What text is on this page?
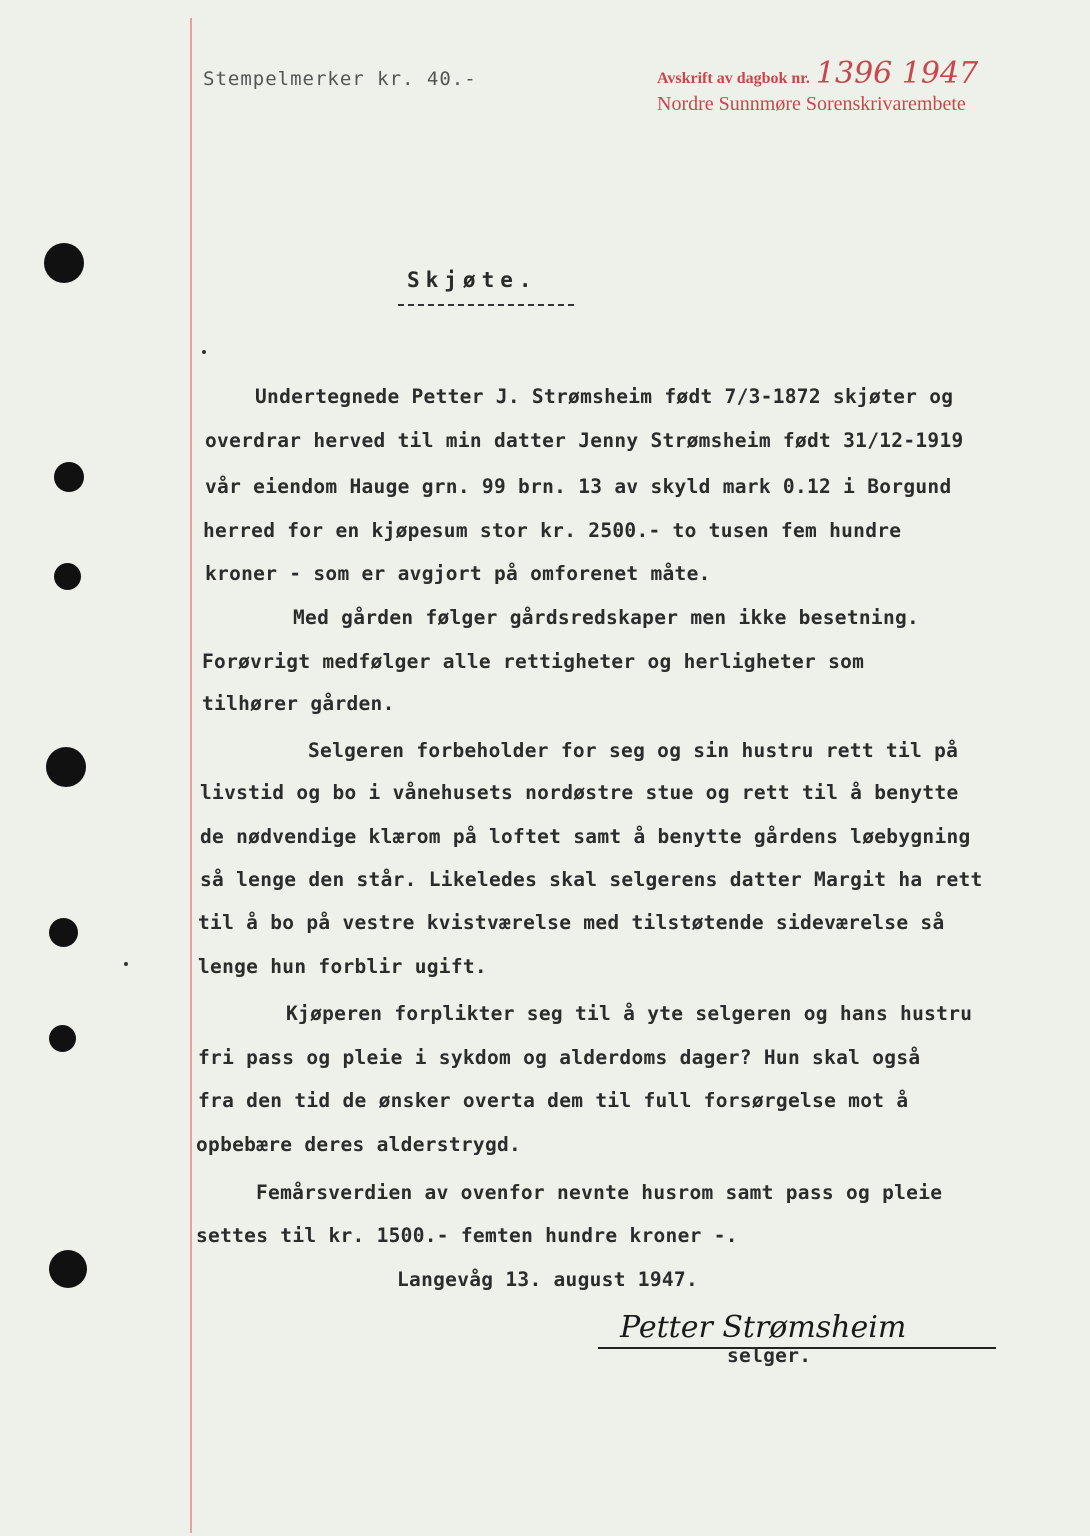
Stempelmerker kr. 40.-	Avskrift av dagbok nr. 1396 1947
Nordre Sunnmøre Sorenskrivarembete
Skjøte.
Undertegnede Petter J. Strømsheim født 7/3-1872 skjøter og
overdrar herved til min datter Jenny Strømsheim født 31/12-1919
vår eiendom Hauge grn. 99 brn. 13 av skyld mark 0.12 i Borgund
herred for en kjøpesum stor kr. 2500.- to tusen fem hundre
kroner - som er avgjort på omforenet måte.
Med gården følger gårdsredskaper men ikke besetning.
Forøvrigt medfølger alle rettigheter og herligheter som
tilhører gården.
Selgeren forbeholder for seg og sin hustru rett til på
livstid og bo i vånehusets nordøstre stue og rett til å benytte
de nødvendige klærom på loftet samt å benytte gårdens løebygning
så lenge den står. Likeledes skal selgerens datter Margit ha rett
til å bo på vestre kvistværelse med tilstøtende sideværelse så
lenge hun forblir ugift.
Kjøperen forplikter seg til å yte selgeren og hans hustru
fri pass og pleie i sykdom og alderdoms dager? Hun skal også
fra den tid de ønsker overta dem til full forsørgelse mot å
opbebære deres alderstrygd.
Femårsverdien av ovenfor nevnte husrom samt pass og pleie
settes til kr. 1500.- femten hundre kroner -.
Langevåg 13. august 1947.
Petter Strømsheim
selger.
